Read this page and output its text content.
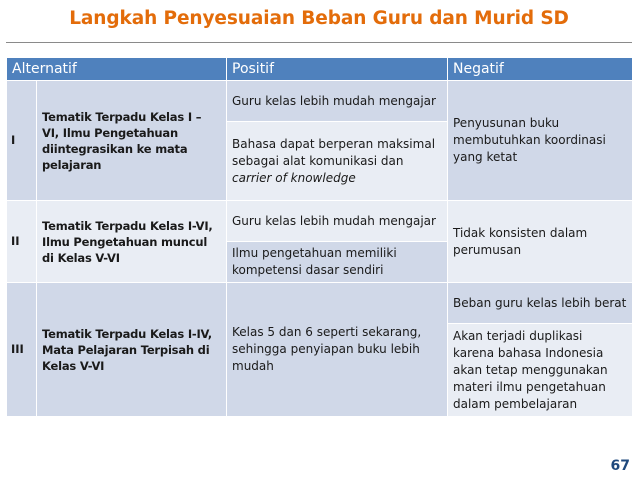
Langkah Penyesuaian Beban Guru dan Murid SD
Alternatif		Positif	Negatif
I	Tematik Terpadu Kelas I – VI, Ilmu Pengetahuan diintegrasikan ke mata pelajaran	Guru kelas lebih mudah mengajar	Penyusunan buku membutuhkan koordinasi yang ketat
		Bahasa dapat berperan maksimal sebagai alat komunikasi dan carrier of knowledge	
II	Tematik Terpadu Kelas I-VI, Ilmu Pengetahuan muncul di Kelas V-VI	Guru kelas lebih mudah mengajar	Tidak konsisten dalam perumusan
		Ilmu pengetahuan memiliki kompetensi dasar sendiri	
III	Tematik Terpadu Kelas I-IV, Mata Pelajaran Terpisah di Kelas V-VI	Kelas 5 dan 6 seperti sekarang, sehingga penyiapan buku lebih mudah	Beban guru kelas lebih berat
			Akan terjadi duplikasi karena bahasa Indonesia akan tetap menggunakan materi ilmu pengetahuan dalam pembelajaran
67
